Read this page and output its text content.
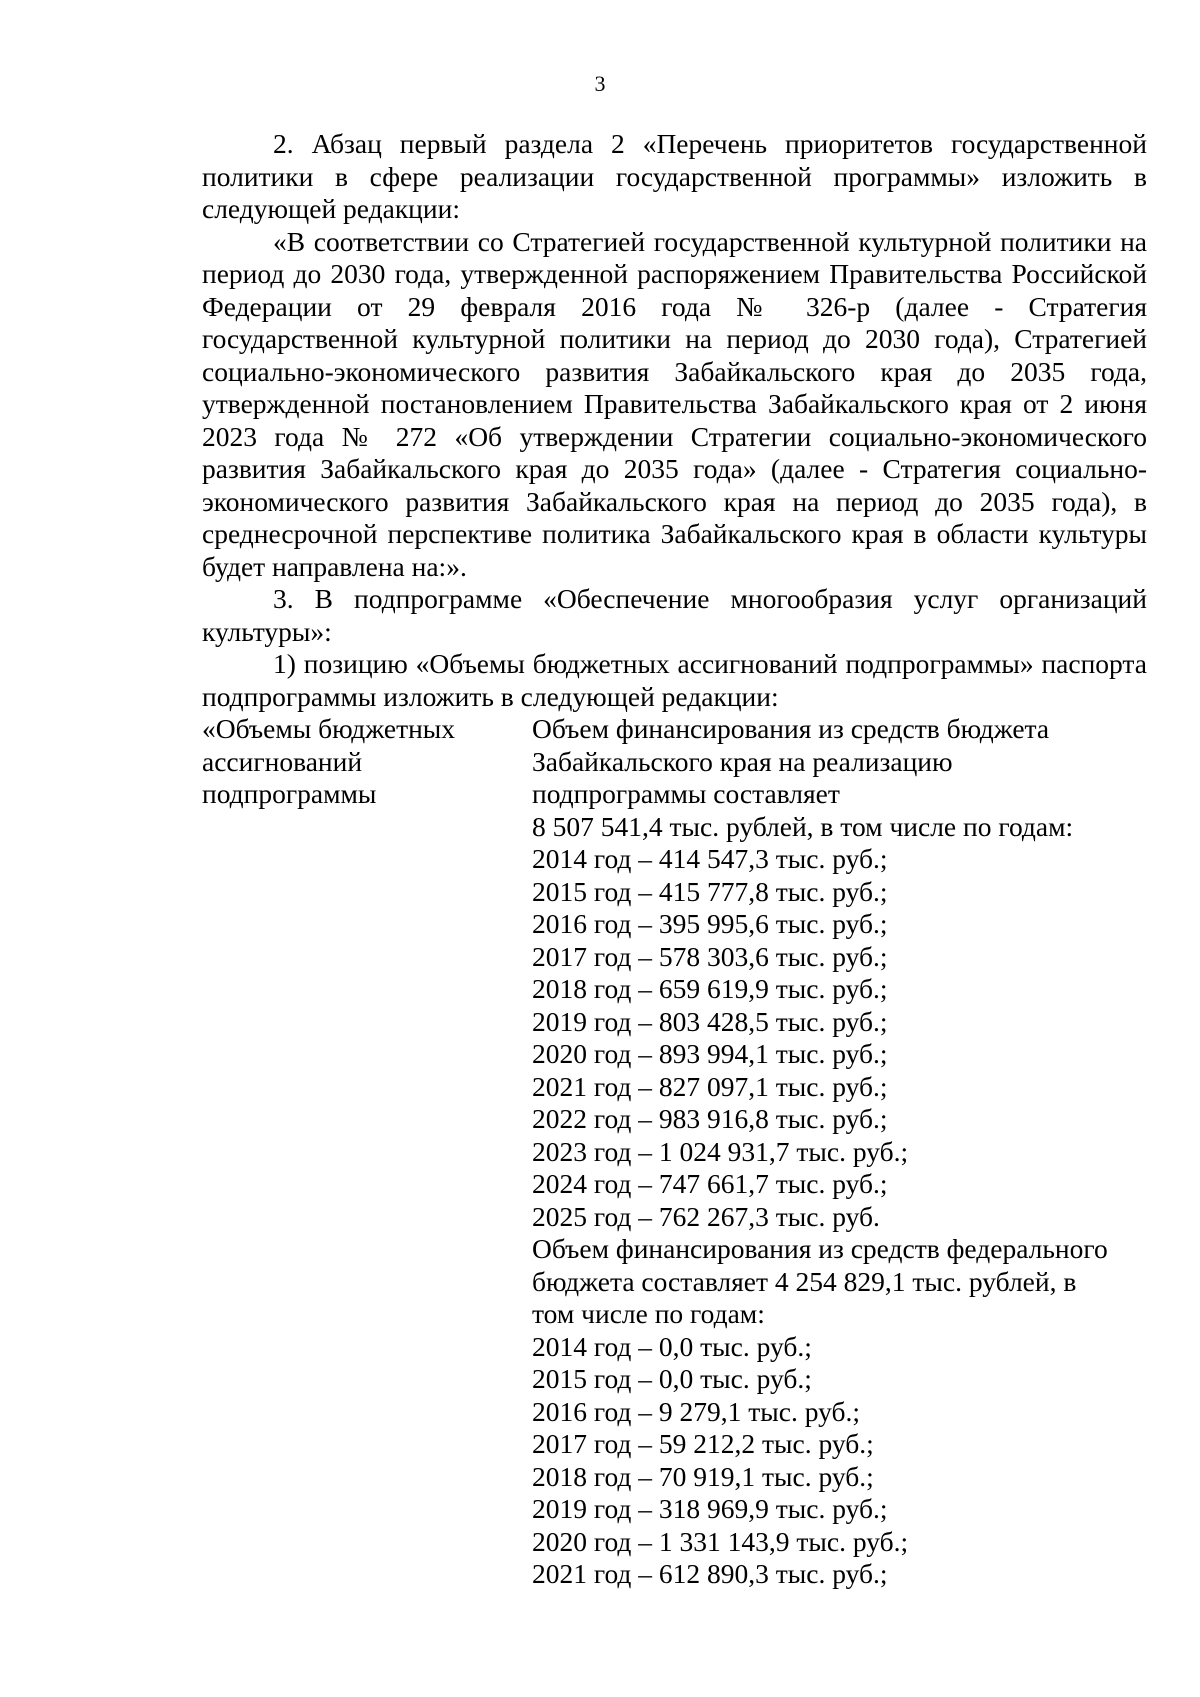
3

2. Абзац первый раздела 2 «Перечень приоритетов государственной политики в сфере реализации государственной программы» изложить в следующей редакции:

«В соответствии со Стратегией государственной культурной политики на период до 2030 года, утвержденной распоряжением Правительства Российской Федерации от 29 февраля 2016 года № 326-р (далее - Стратегия государственной культурной политики на период до 2030 года), Стратегией социально-экономического развития Забайкальского края до 2035 года, утвержденной постановлением Правительства Забайкальского края от 2 июня 2023 года № 272 «Об утверждении Стратегии социально-экономического развития Забайкальского края до 2035 года» (далее - Стратегия социально-экономического развития Забайкальского края на период до 2035 года), в среднесрочной перспективе политика Забайкальского края в области культуры будет направлена на:».

3. В подпрограмме «Обеспечение многообразия услуг организаций культуры»:

1) позицию «Объемы бюджетных ассигнований подпрограммы» паспорта подпрограммы изложить в следующей редакции:

«Объемы бюджетных
ассигнований
подпрограммы
Объем финансирования из средств бюджета
Забайкальского края на реализацию
подпрограммы составляет
8 507 541,4 тыс. рублей, в том числе по годам:
2014 год – 414 547,3 тыс. руб.;
2015 год – 415 777,8 тыс. руб.;
2016 год – 395 995,6 тыс. руб.;
2017 год – 578 303,6 тыс. руб.;
2018 год – 659 619,9 тыс. руб.;
2019 год – 803 428,5 тыс. руб.;
2020 год – 893 994,1 тыс. руб.;
2021 год – 827 097,1 тыс. руб.;
2022 год – 983 916,8 тыс. руб.;
2023 год – 1 024 931,7 тыс. руб.;
2024 год – 747 661,7 тыс. руб.;
2025 год – 762 267,3 тыс. руб.
Объем финансирования из средств федерального
бюджета составляет 4 254 829,1 тыс. рублей, в
том числе по годам:
2014 год – 0,0 тыс. руб.;
2015 год – 0,0 тыс. руб.;
2016 год – 9 279,1 тыс. руб.;
2017 год – 59 212,2 тыс. руб.;
2018 год – 70 919,1 тыс. руб.;
2019 год – 318 969,9 тыс. руб.;
2020 год – 1 331 143,9 тыс. руб.;
2021 год – 612 890,3 тыс. руб.;
